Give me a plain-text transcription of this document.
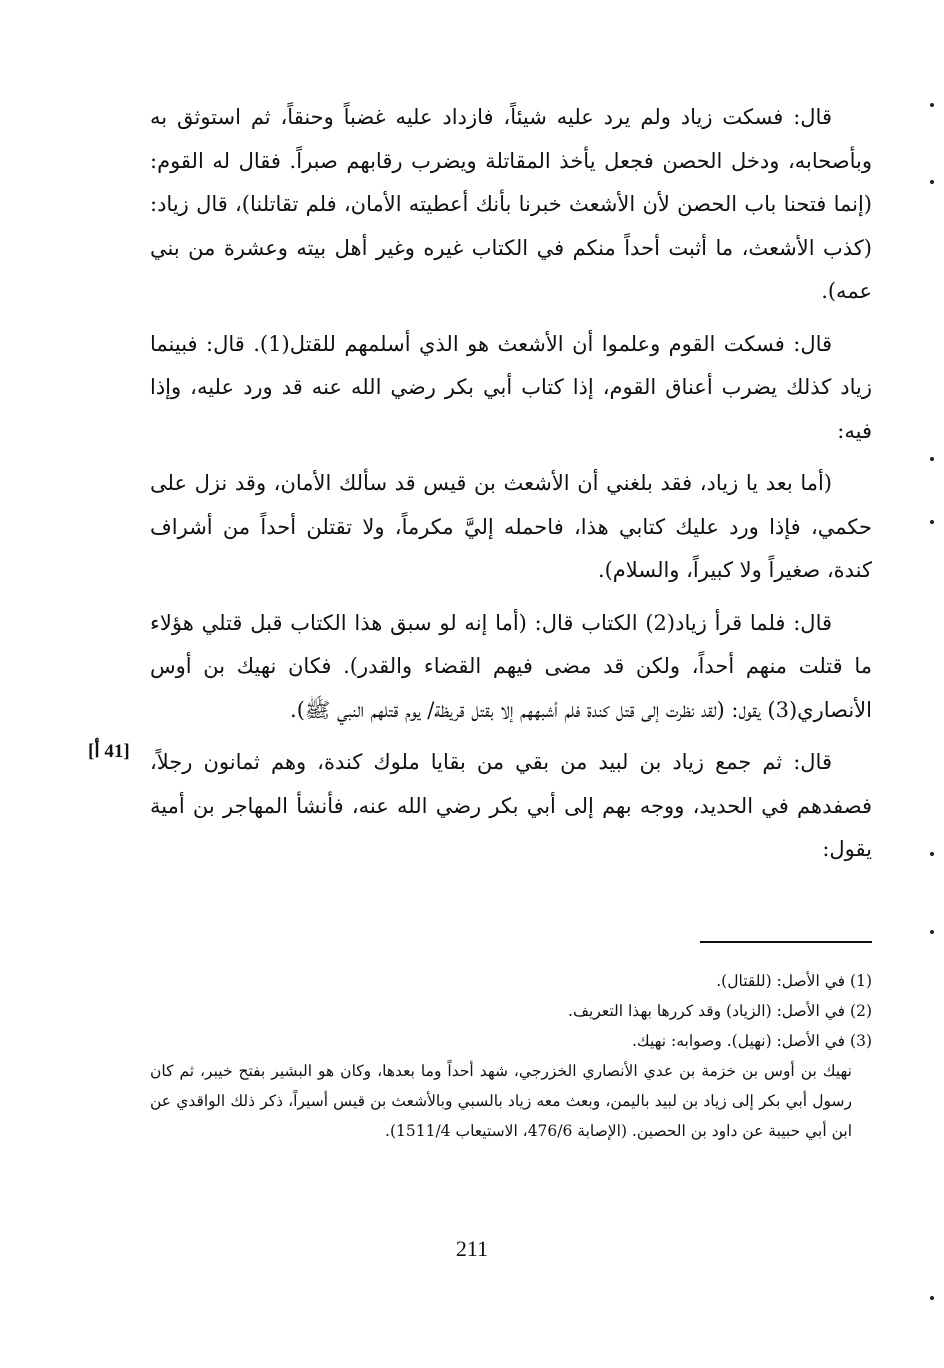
قال: فسكت زياد ولم يرد عليه شيئاً، فازداد عليه غضباً وحنقاً، ثم استوثق به وبأصحابه، ودخل الحصن فجعل يأخذ المقاتلة ويضرب رقابهم صبراً. فقال له القوم: (إنما فتحنا باب الحصن لأن الأشعث خبرنا بأنك أعطيته الأمان، فلم تقاتلنا)، قال زياد: (كذب الأشعث، ما أثبت أحداً منكم في الكتاب غيره وغير أهل بيته وعشرة من بني عمه).

قال: فسكت القوم وعلموا أن الأشعث هو الذي أسلمهم للقتل(1). قال: فبينما زياد كذلك يضرب أعناق القوم، إذا كتاب أبي بكر رضي الله عنه قد ورد عليه، وإذا فيه:

(أما بعد يا زياد، فقد بلغني أن الأشعث بن قيس قد سألك الأمان، وقد نزل على حكمي، فإذا ورد عليك كتابي هذا، فاحمله إليَّ مكرماً، ولا تقتلن أحداً من أشراف كندة، صغيراً ولا كبيراً، والسلام).

قال: فلما قرأ زياد(2) الكتاب قال: (أما إنه لو سبق هذا الكتاب قبل قتلي هؤلاء ما قتلت منهم أحداً، ولكن قد مضى فيهم القضاء والقدر). فكان نهيك بن أوس الأنصاري(3) يقول: (لقد نظرت إلى قتل كندة فلم أشبههم إلا بقتل قريظة/ يوم قتلهم النبي ﷺ).

قال: ثم جمع زياد بن لبيد من بقي من بقايا ملوك كندة، وهم ثمانون رجلاً، فصفدهم في الحديد، ووجه بهم إلى أبي بكر رضي الله عنه، فأنشأ المهاجر بن أمية يقول:

[41 أ]

(1) في الأصل: (للقتال).

(2) في الأصل: (الزياد) وقد كررها بهذا التعريف.

(3) في الأصل: (نهيل). وصوابه: نهيك.

نهيك بن أوس بن خزمة بن عدي الأنصاري الخزرجي، شهد أحداً وما بعدها، وكان هو البشير بفتح خيبر، ثم كان رسول أبي بكر إلى زياد بن لبيد باليمن، وبعث معه زياد بالسبي وبالأشعث بن قيس أسيراً، ذكر ذلك الواقدي عن ابن أبي حبيبة عن داود بن الحصين. (الإصابة 476/6، الاستيعاب 1511/4).

211
